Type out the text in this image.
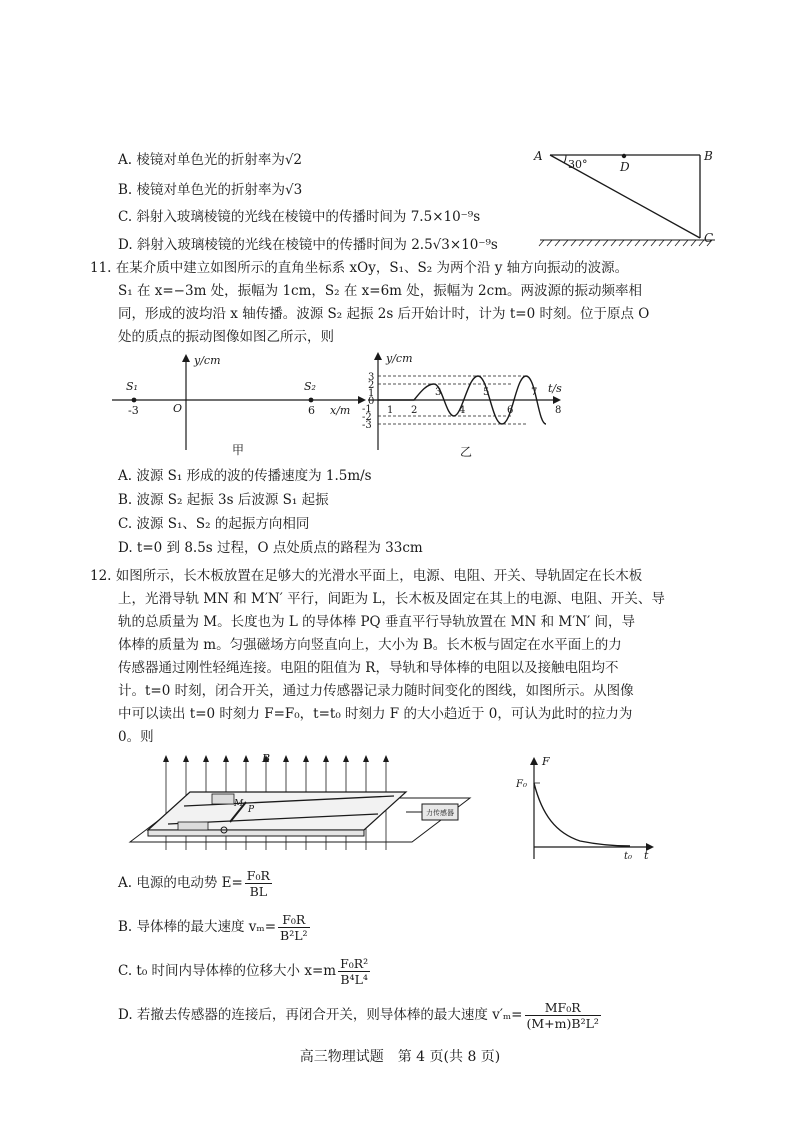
A. 棱镜对单色光的折射率为√2
B. 棱镜对单色光的折射率为√3
C. 斜射入玻璃棱镜的光线在棱镜中的传播时间为 7.5×10⁻⁹s
D. 斜射入玻璃棱镜的光线在棱镜中的传播时间为 2.5√3×10⁻⁹s
A	B
C
D
30°
11. 在某介质中建立如图所示的直角坐标系 xOy，S₁、S₂ 为两个沿 y 轴方向振动的波源。
S₁ 在 x=−3m 处，振幅为 1cm，S₂ 在 x=6m 处，振幅为 2cm。两波源的振动频率相
同，形成的波均沿 x 轴传播。波源 S₂ 起振 2s 后开始计时，计为 t=0 时刻。位于原点 O
处的质点的振动图像如图乙所示，则
y/cm
x/m
S₁
-3
S₂
6
O
甲
y/cm
t/s
3
2
1
0
-1
-2
-3
1 2
3
4
5
6
7
8
乙
A. 波源 S₁ 形成的波的传播速度为 1.5m/s
B. 波源 S₂ 起振 3s 后波源 S₁ 起振
C. 波源 S₁、S₂ 的起振方向相同
D. t=0 到 8.5s 过程，O 点处质点的路程为 33cm
12. 如图所示，长木板放置在足够大的光滑水平面上，电源、电阻、开关、导轨固定在长木板
上，光滑导轨 MN 和 M′N′ 平行，间距为 L，长木板及固定在其上的电源、电阻、开关、导
轨的总质量为 M。长度也为 L 的导体棒 PQ 垂直平行导轨放置在 MN 和 M′N′ 间，导
体棒的质量为 m。匀强磁场方向竖直向上，大小为 B。长木板与固定在水平面上的力
传感器通过刚性轻绳连接。电阻的阻值为 R，导轨和导体棒的电阻以及接触电阻均不
计。t=0 时刻，闭合开关，通过力传感器记录力随时间变化的图线，如图所示。从图像
中可以读出 t=0 时刻力 F=F₀，t=t₀ 时刻力 F 的大小趋近于 0，可认为此时的拉力为
0。则
力传感器
B
M
P
F
F₀
t₀ t
A. 电源的电动势 $E= \frac{\text{F₀R}}{BL}$
B. 导体棒的最大速度 $v_m= \frac{\text{F₀R}}{\text{B²L²}}$
C. t₀ 时间内导体棒的位移大小 $x=m \frac{\text{F₀R²}}{\text{B⁴L⁴}}$
D. 若撤去传感器的连接后，再闭合开关，则导体棒的最大速度 $v'_m= \frac{\text{MF₀R}}{\text{(M+m)B²L²}}$
高三物理试题　第 4 页(共 8 页)
